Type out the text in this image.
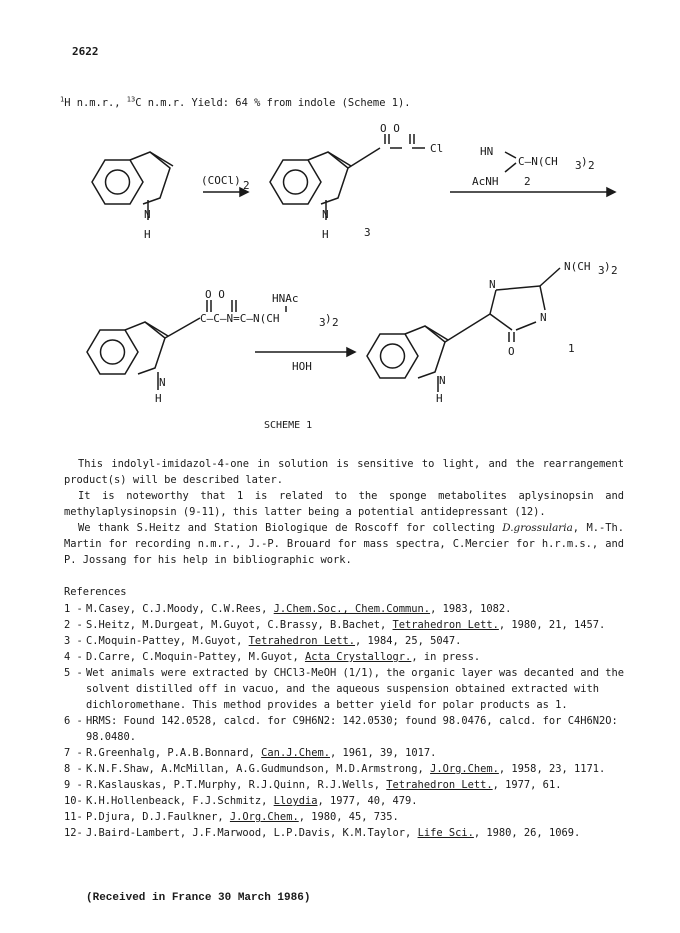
2622
$^1$H n.m.r., $^{13}$C n.m.r. Yield: 64 % from indole (Scheme 1).
N
H
(COCl) 2
N
H	3
O O
Cl	HN
C—N(CH 3 ) 2
AcNH 2
N
H
O O	HNAc
C—C—N=C—N(CH	3 ) 2
HOH
N
H
N(CH 3 ) 2
N
N
O	1
SCHEME 1

This indolyl-imidazol-4-one in solution is sensitive to light, and the rearrangement product(s) will be described later.

It is noteworthy that 1 is related to the sponge metabolites aplysinopsin and methylaplysinopsin (9-11), this latter being a potential antidepressant (12).

We thank S.Heitz and Station Biologique de Roscoff for collecting D.grossularia, M.-Th. Martin for recording n.m.r., J.-P. Brouard for mass spectra, C.Mercier for h.r.m.s., and P. Jossang for his help in bibliographic work.

References
1 - M.Casey, C.J.Moody, C.W.Rees, J.Chem.Soc., Chem.Commun., 1983, 1082.
2 - S.Heitz, M.Durgeat, M.Guyot, C.Brassy, B.Bachet, Tetrahedron Lett., 1980, 21, 1457.
3 - C.Moquin-Pattey, M.Guyot, Tetrahedron Lett., 1984, 25, 5047.
4 - D.Carre, C.Moquin-Pattey, M.Guyot, Acta Crystallogr., in press.
5 - Wet animals were extracted by CHCl3-MeOH (1/1), the organic layer was decanted and the solvent distilled off in vacuo, and the aqueous suspension obtained extracted with dichloromethane. This method provides a better yield for polar products as 1.
6 - HRMS: Found 142.0528, calcd. for C9H6N2: 142.0530; found 98.0476, calcd. for C4H6N2O: 98.0480.
7 - R.Greenhalg, P.A.B.Bonnard, Can.J.Chem., 1961, 39, 1017.
8 - K.N.F.Shaw, A.McMillan, A.G.Gudmundson, M.D.Armstrong, J.Org.Chem., 1958, 23, 1171.
9 - R.Kaslauskas, P.T.Murphy, R.J.Quinn, R.J.Wells, Tetrahedron Lett., 1977, 61.
10- K.H.Hollenbeack, F.J.Schmitz, Lloydia, 1977, 40, 479.
11- P.Djura, D.J.Faulkner, J.Org.Chem., 1980, 45, 735.
12- J.Baird-Lambert, J.F.Marwood, L.P.Davis, K.M.Taylor, Life Sci., 1980, 26, 1069.
(Received in France 30 March 1986)
